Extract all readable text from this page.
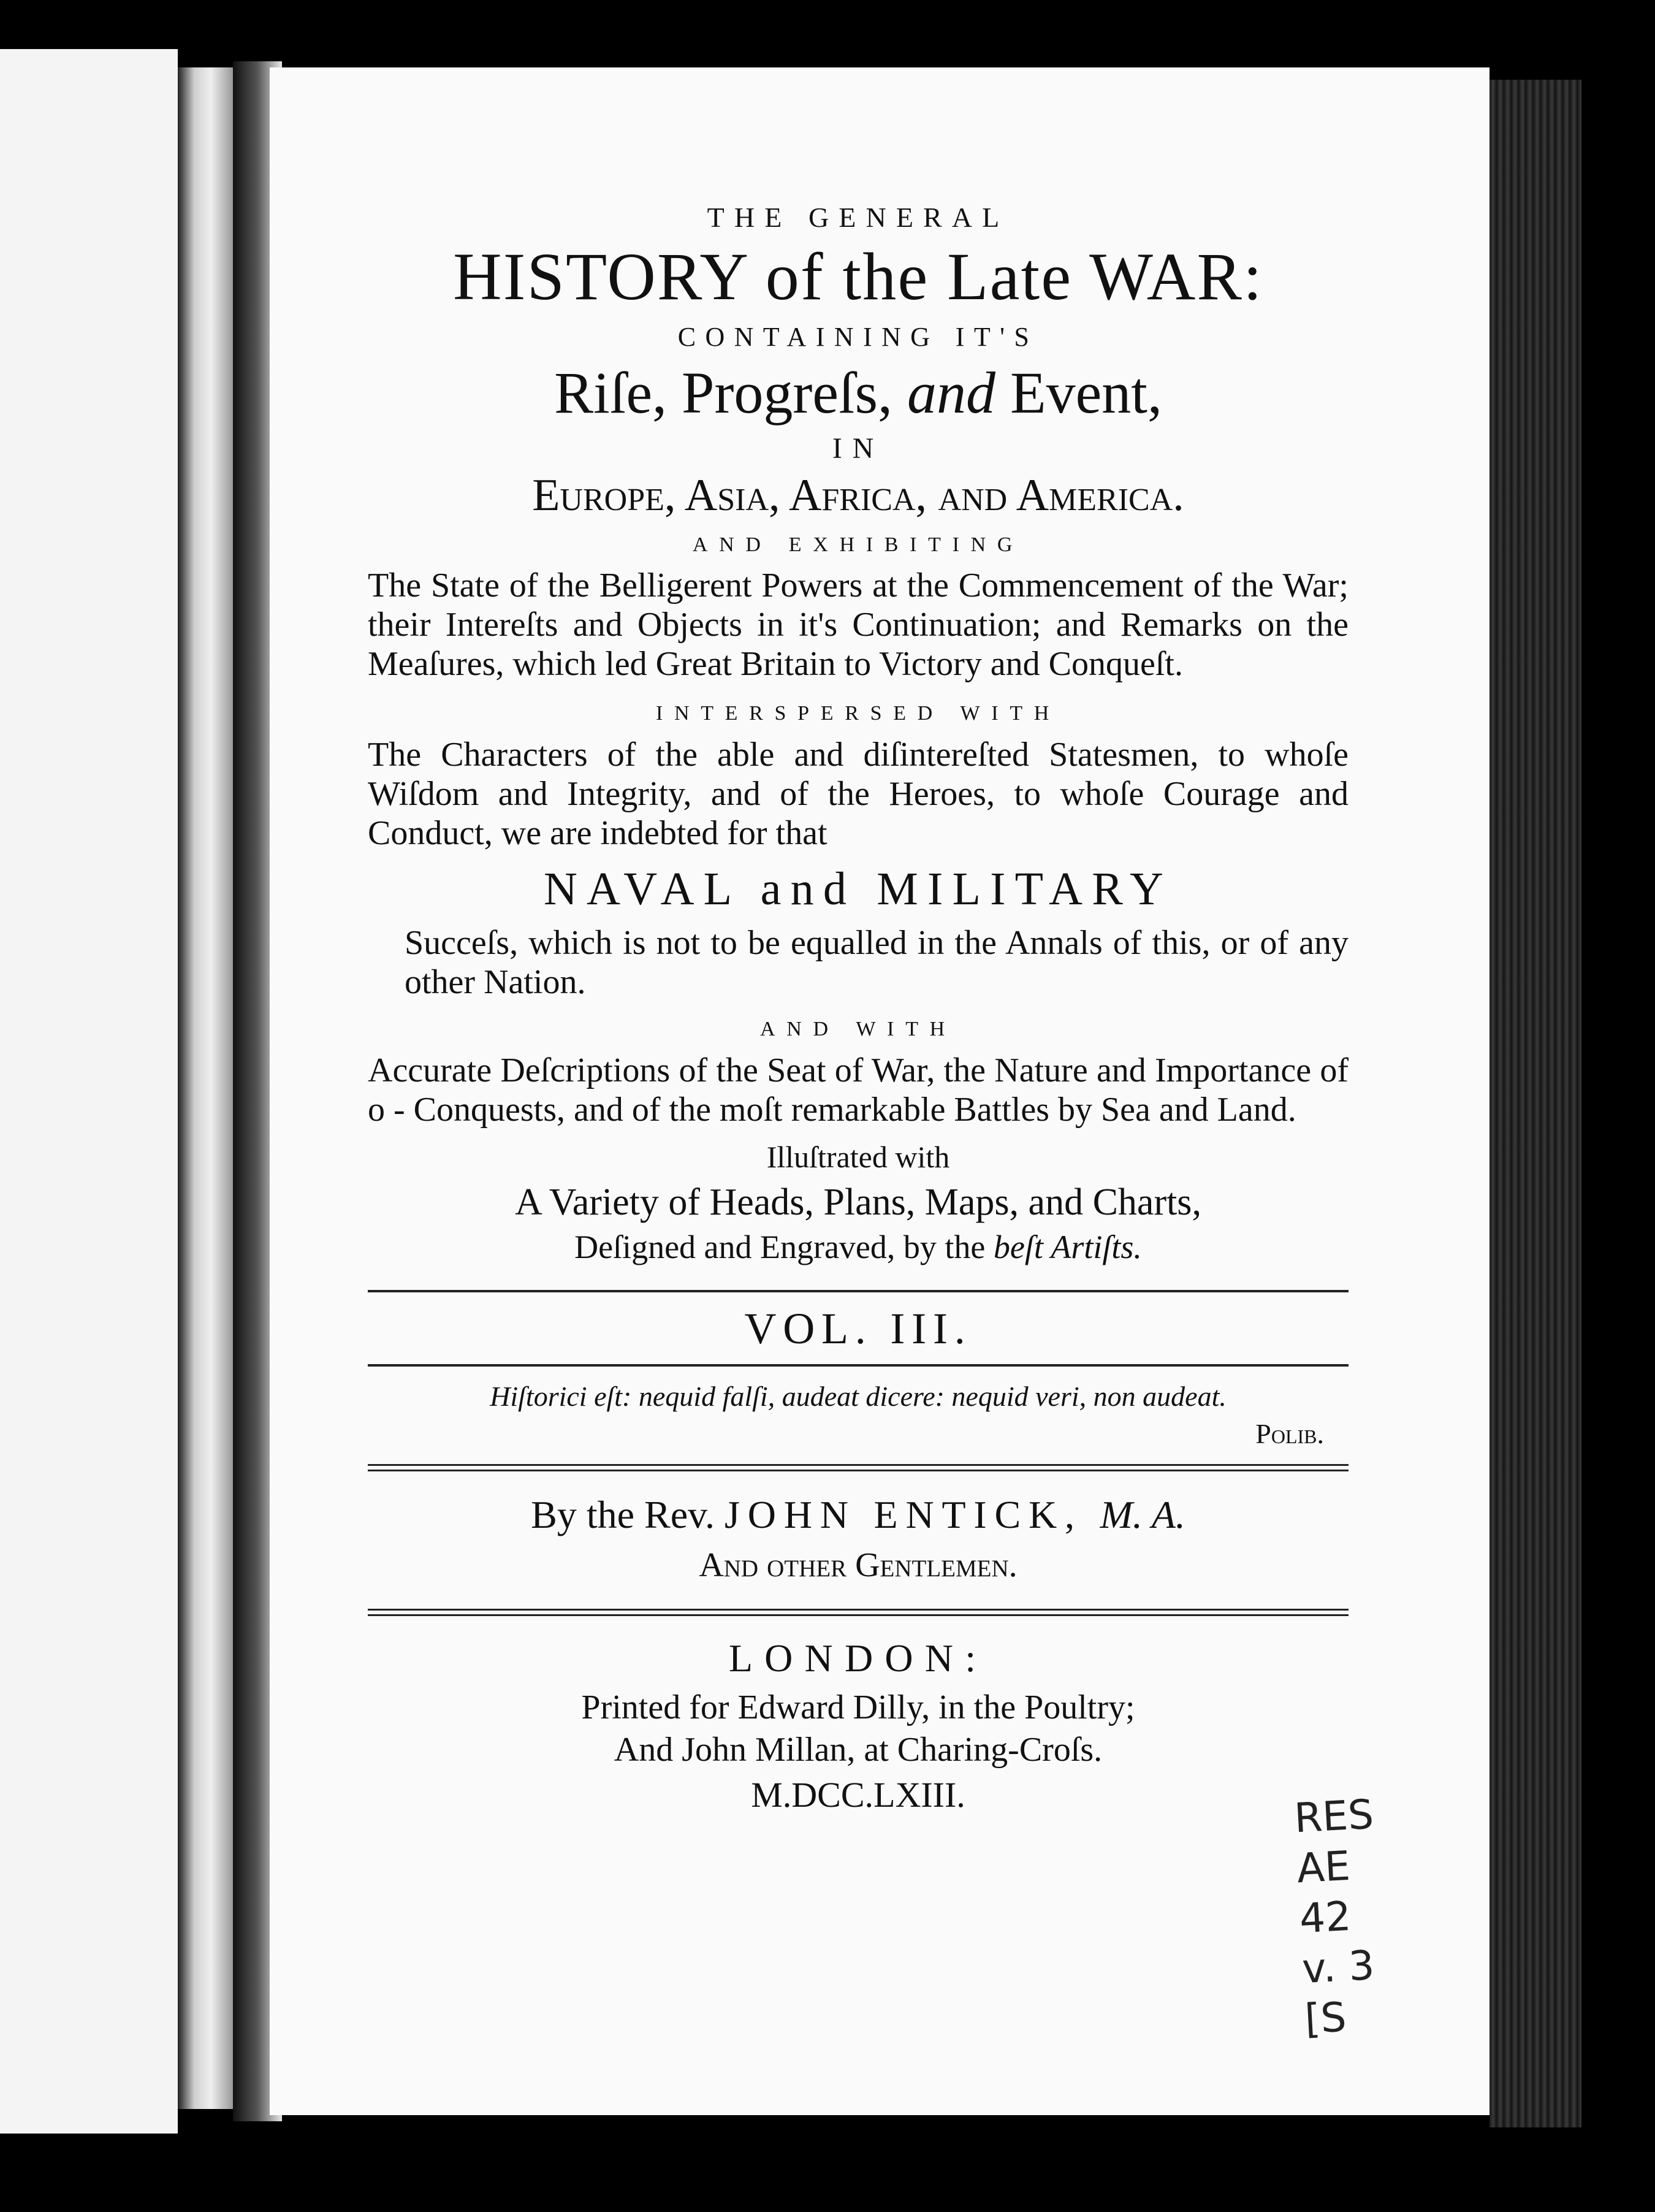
THE GENERAL

HISTORY of the Late WAR:

CONTAINING IT'S

Riſe, Progreſs, and Event,

IN

Europe, Asia, Africa, and America.

AND EXHIBITING

The State of the Belligerent Powers at the Commencement of the War; their Intereſts and Objects in it's Continuation; and Remarks on the Meaſures, which led Great Britain to Victory and Conqueſt.

INTERSPERSED WITH

The Characters of the able and diſintereſted Statesmen, to whoſe Wiſdom and Integrity, and of the Heroes, to whoſe Courage and Conduct, we are indebted for that

NAVAL and MILITARY

Succeſs, which is not to be equalled in the Annals of this, or of any other Nation.

AND WITH

Accurate Deſcriptions of the Seat of War, the Nature and Importance of o - Conquests, and of the moſt remarkable Battles by Sea and Land.

Illuſtrated with

A Variety of Heads, Plans, Maps, and Charts,

Deſigned and Engraved, by the beſt Artiſts.

VOL. III.

Hiſtorici eſt: nequid falſi, audeat dicere: nequid veri, non audeat.

Polib.

By the Rev. JOHN ENTICK, M. A.

And other Gentlemen.

LONDON:

Printed for Edward Dilly, in the Poultry;

And John Millan, at Charing-Croſs.

M.DCC.LXIII.	RES
AE
42
v. 3
[S
